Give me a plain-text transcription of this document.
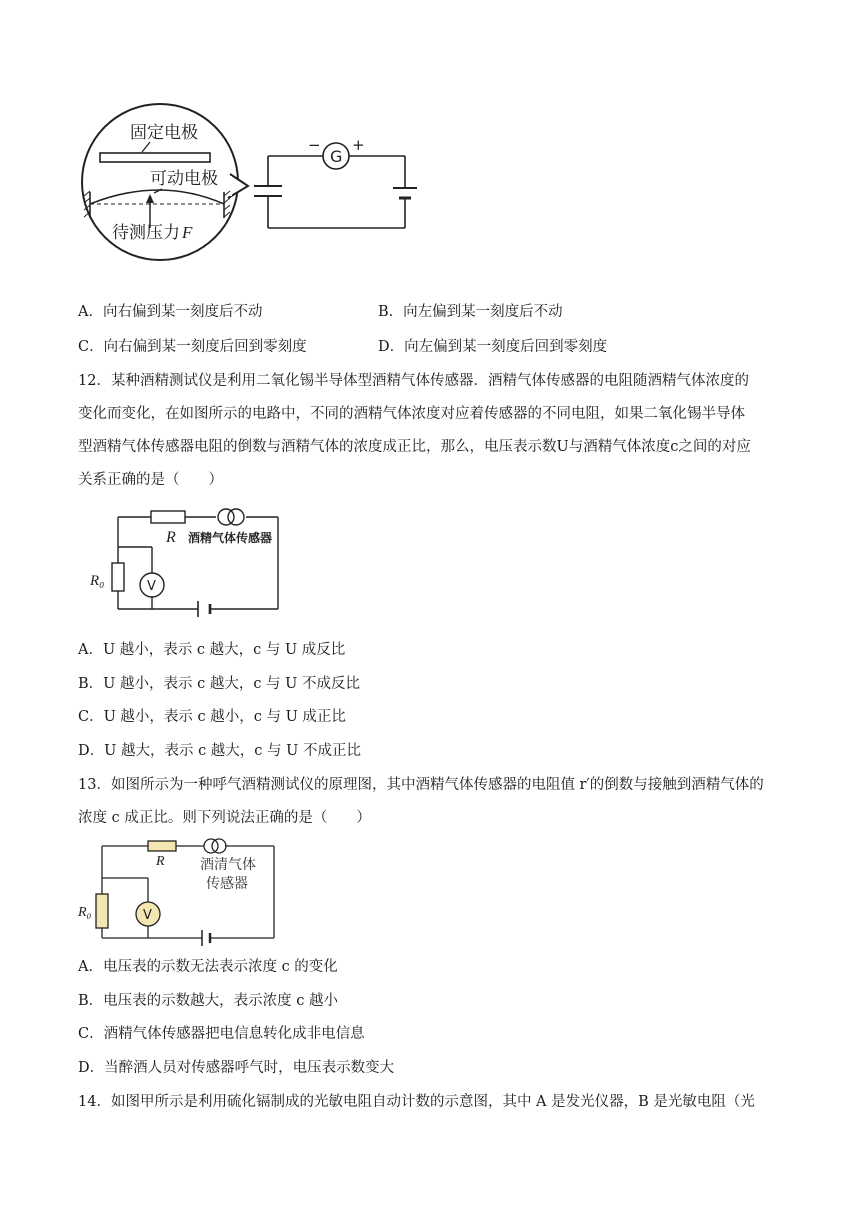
固定电极
可动电极
待测压力 F
G
− +
A．向右偏到某一刻度后不动	B．向左偏到某一刻度后不动
C．向右偏到某一刻度后回到零刻度	D．向左偏到某一刻度后回到零刻度
12．某种酒精测试仪是利用二氧化锡半导体型酒精气体传感器．酒精气体传感器的电阻随酒精气体浓度的
变化而变化，在如图所示的电路中，不同的酒精气体浓度对应着传感器的不同电阻，如果二氧化锡半导体
型酒精气体传感器电阻的倒数与酒精气体的浓度成正比，那么，电压表示数U与酒精气体浓度c之间的对应
关系正确的是（　　）
V
R 酒精气体传感器
R₀
A．U 越小，表示 c 越大，c 与 U 成反比
B．U 越小，表示 c 越大，c 与 U 不成反比
C．U 越小，表示 c 越小，c 与 U 成正比
D．U 越大，表示 c 越大，c 与 U 不成正比
13．如图所示为一种呼气酒精测试仪的原理图，其中酒精气体传感器的电阻值 r′的倒数与接触到酒精气体的
浓度 c 成正比。则下列说法正确的是（　　）
V
R	酒清气体
传感器
R₀
A．电压表的示数无法表示浓度 c 的变化
B．电压表的示数越大，表示浓度 c 越小
C．酒精气体传感器把电信息转化成非电信息
D．当醉酒人员对传感器呼气时，电压表示数变大
14．如图甲所示是利用硫化镉制成的光敏电阻自动计数的示意图，其中 A 是发光仪器，B 是光敏电阻（光
